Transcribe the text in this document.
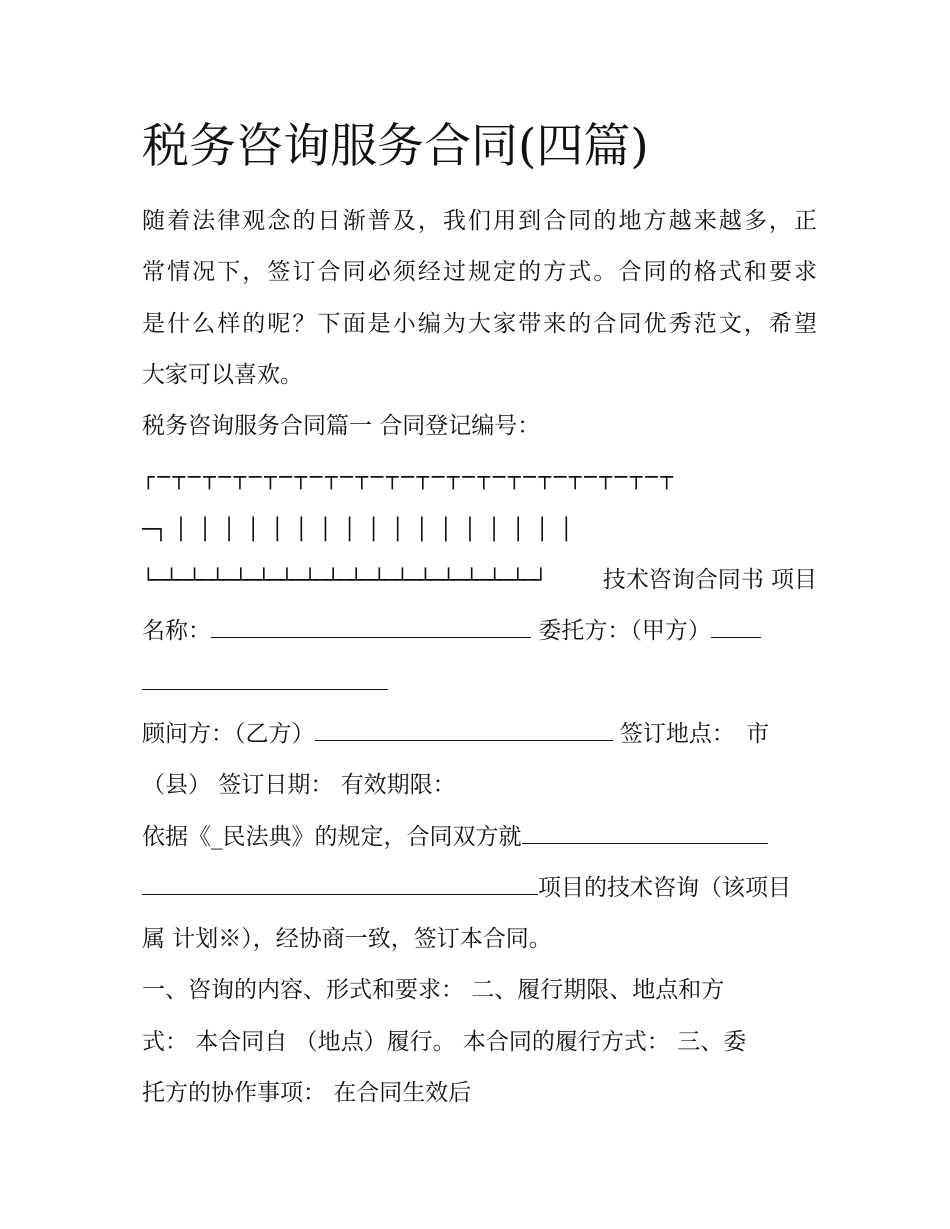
税务咨询服务合同(四篇)
随着法律观念的日渐普及，我们用到合同的地方越来越多，正
常情况下，签订合同必须经过规定的方式。合同的格式和要求
是什么样的呢？下面是小编为大家带来的合同优秀范文，希望
大家可以喜欢。
税务咨询服务合同篇一 合同登记编号：
┌─┬─┬─┬─┬─┬─┬─┬─┬─┬─┬─┬─┬─┬─┬─┬─┬─┬
─┐ │ │ │ │ │ │ │ │ │ │ │ │ │ │ │ │ │
└─┴─┴─┴─┴─┴─┴─┴─┴─┴─┴─┴─┴─┴─┴─┴─┴─┘ 技术咨询合同书 项目
名称：	委托方：（甲方）
顾问方：（乙方）	签订地点： 市
（县） 签订日期： 有效期限：
依据《_民法典》的规定，合同双方就
项目的技术咨询（该项目
属 计划※），经协商一致，签订本合同。
一、咨询的内容、形式和要求： 二、履行期限、地点和方
式： 本合同自 （地点）履行。 本合同的履行方式： 三、委
托方的协作事项： 在合同生效后
